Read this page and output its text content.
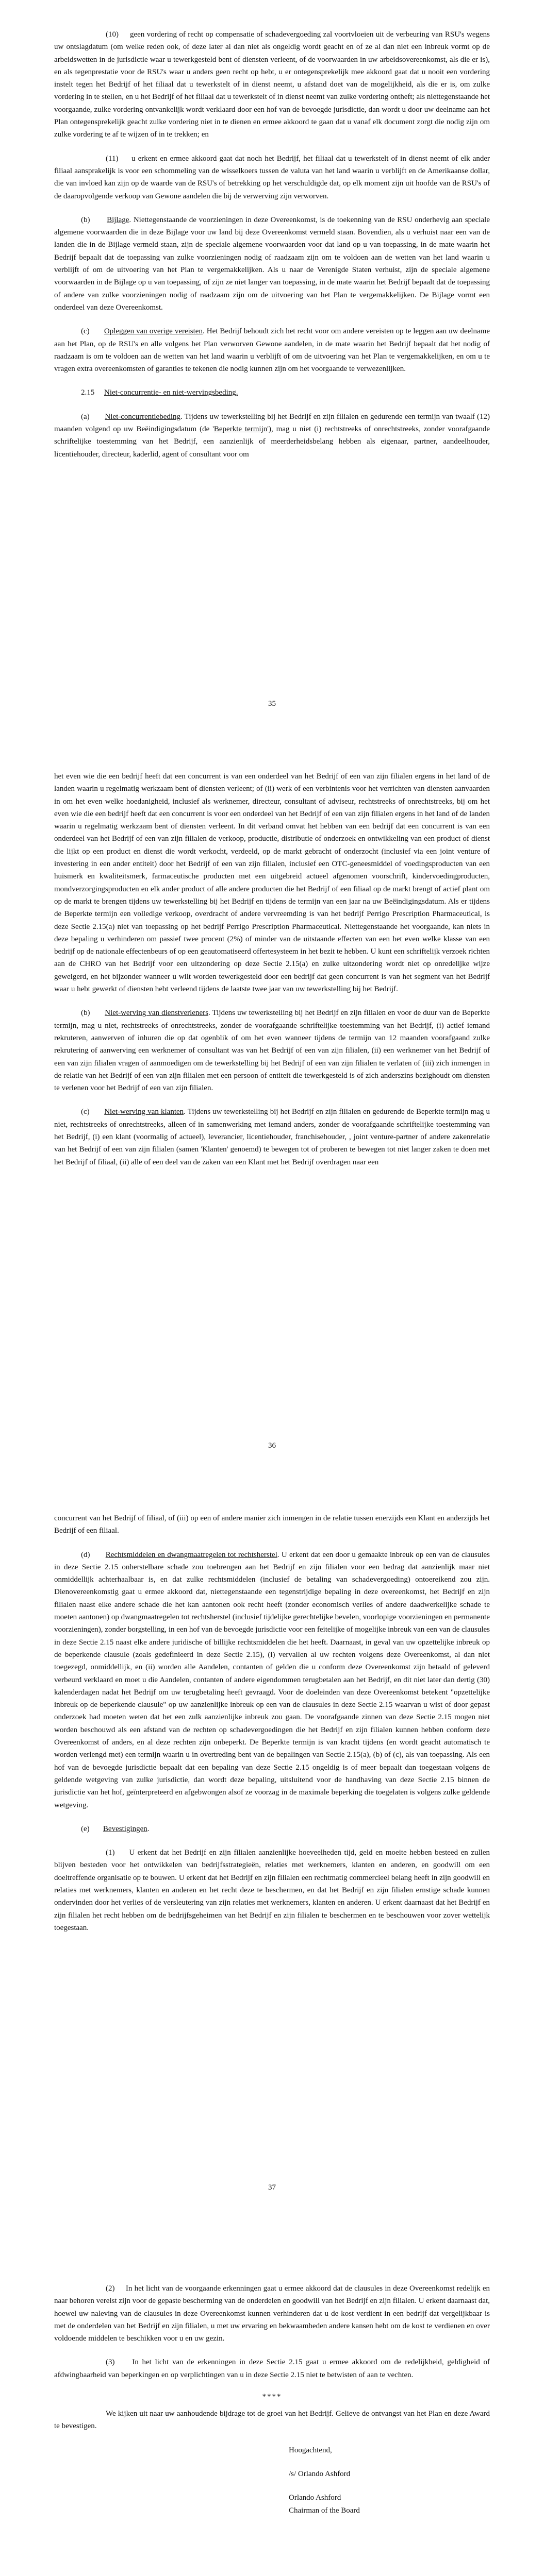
(10) geen vordering of recht op compensatie of schadevergoeding zal voortvloeien uit de verbeuring van RSU's wegens uw ontslagdatum (om welke reden ook, of deze later al dan niet als ongeldig wordt geacht en of ze al dan niet een inbreuk vormt op de arbeidswetten in de jurisdictie waar u tewerkgesteld bent of diensten verleent, of de voorwaarden in uw arbeidsovereenkomst, als die er is), en als tegenprestatie voor de RSU's waar u anders geen recht op hebt, u er ontegensprekelijk mee akkoord gaat dat u nooit een vordering instelt tegen het Bedrijf of het filiaal dat u tewerkstelt of in dienst neemt, u afstand doet van de mogelijkheid, als die er is, om zulke vordering in te stellen, en u het Bedrijf of het filiaal dat u tewerkstelt of in dienst neemt van zulke vordering ontheft; als niettegenstaande het voorgaande, zulke vordering ontvankelijk wordt verklaard door een hof van de bevoegde jurisdictie, dan wordt u door uw deelname aan het Plan ontegensprekelijk geacht zulke vordering niet in te dienen en ermee akkoord te gaan dat u vanaf elk document zorgt die nodig zijn om zulke vordering te af te wijzen of in te trekken; en

(11) u erkent en ermee akkoord gaat dat noch het Bedrijf, het filiaal dat u tewerkstelt of in dienst neemt of elk ander filiaal aansprakelijk is voor een schommeling van de wisselkoers tussen de valuta van het land waarin u verblijft en de Amerikaanse dollar, die van invloed kan zijn op de waarde van de RSU's of betrekking op het verschuldigde dat, op elk moment zijn uit hoofde van de RSU's of de daaropvolgende verkoop van Gewone aandelen die bij de verwerving zijn verworven.

(b) Bijlage. Niettegenstaande de voorzieningen in deze Overeenkomst, is de toekenning van de RSU onderhevig aan speciale algemene voorwaarden die in deze Bijlage voor uw land bij deze Overeenkomst vermeld staan. Bovendien, als u verhuist naar een van de landen die in de Bijlage vermeld staan, zijn de speciale algemene voorwaarden voor dat land op u van toepassing, in de mate waarin het Bedrijf bepaalt dat de toepassing van zulke voorzieningen nodig of raadzaam zijn om te voldoen aan de wetten van het land waarin u verblijft of om de uitvoering van het Plan te vergemakkelijken. Als u naar de Verenigde Staten verhuist, zijn de speciale algemene voorwaarden in de Bijlage op u van toepassing, of zijn ze niet langer van toepassing, in de mate waarin het Bedrijf bepaalt dat de toepassing of andere van zulke voorzieningen nodig of raadzaam zijn om de uitvoering van het Plan te vergemakkelijken. De Bijlage vormt een onderdeel van deze Overeenkomst.

(c) Opleggen van overige vereisten. Het Bedrijf behoudt zich het recht voor om andere vereisten op te leggen aan uw deelname aan het Plan, op de RSU's en alle volgens het Plan verworven Gewone aandelen, in de mate waarin het Bedrijf bepaalt dat het nodig of raadzaam is om te voldoen aan de wetten van het land waarin u verblijft of om de uitvoering van het Plan te vergemakkelijken, en om u te vragen extra overeenkomsten of garanties te tekenen die nodig kunnen zijn om het voorgaande te verwezenlijken.

2.15 Niet-concurrentie- en niet-wervingsbeding.

(a) Niet-concurrentiebeding. Tijdens uw tewerkstelling bij het Bedrijf en zijn filialen en gedurende een termijn van twaalf (12) maanden volgend op uw Beëindigingsdatum (de 'Beperkte termijn'), mag u niet (i) rechtstreeks of onrechtstreeks, zonder voorafgaande schriftelijke toestemming van het Bedrijf, een aanzienlijk of meerderheidsbelang hebben als eigenaar, partner, aandeelhouder, licentiehouder, directeur, kaderlid, agent of consultant voor om

35

het even wie die een bedrijf heeft dat een concurrent is van een onderdeel van het Bedrijf of een van zijn filialen ergens in het land of de landen waarin u regelmatig werkzaam bent of diensten verleent; of (ii) werk of een verbintenis voor het verrichten van diensten aanvaarden in om het even welke hoedanigheid, inclusief als werknemer, directeur, consultant of adviseur, rechtstreeks of onrechtstreeks, bij om het even wie die een bedrijf heeft dat een concurrent is voor een onderdeel van het Bedrijf of een van zijn filialen ergens in het land of de landen waarin u regelmatig werkzaam bent of diensten verleent. In dit verband omvat het hebben van een bedrijf dat een concurrent is van een onderdeel van het Bedrijf of een van zijn filialen de verkoop, productie, distributie of onderzoek en ontwikkeling van een product of dienst die lijkt op een product en dienst die wordt verkocht, verdeeld, op de markt gebracht of onderzocht (inclusief via een joint venture of investering in een ander entiteit) door het Bedrijf of een van zijn filialen, inclusief een OTC-geneesmiddel of voedingsproducten van een huismerk en kwaliteitsmerk, farmaceutische producten met een uitgebreid actueel afgenomen voorschrift, kindervoedingproducten, mondverzorgingsproducten en elk ander product of alle andere producten die het Bedrijf of een filiaal op de markt brengt of actief plant om op de markt te brengen tijdens uw tewerkstelling bij het Bedrijf en tijdens de termijn van een jaar na uw Beëindigingsdatum. Als er tijdens de Beperkte termijn een volledige verkoop, overdracht of andere vervreemding is van het bedrijf Perrigo Prescription Pharmaceutical, is deze Sectie 2.15(a) niet van toepassing op het bedrijf Perrigo Prescription Pharmaceutical. Niettegenstaande het voorgaande, kan niets in deze bepaling u verhinderen om passief twee procent (2%) of minder van de uitstaande effecten van een het even welke klasse van een bedrijf op de nationale effectenbeurs of op een geautomatiseerd offertesysteem in het bezit te hebben. U kunt een schriftelijk verzoek richten aan de CHRO van het Bedrijf voor een uitzondering op deze Sectie 2.15(a) en zulke uitzondering wordt niet op onredelijke wijze geweigerd, en het bijzonder wanneer u wilt worden tewerkgesteld door een bedrijf dat geen concurrent is van het segment van het Bedrijf waar u hebt gewerkt of diensten hebt verleend tijdens de laatste twee jaar van uw tewerkstelling bij het Bedrijf.

(b) Niet-werving van dienstverleners. Tijdens uw tewerkstelling bij het Bedrijf en zijn filialen en voor de duur van de Beperkte termijn, mag u niet, rechtstreeks of onrechtstreeks, zonder de voorafgaande schriftelijke toestemming van het Bedrijf, (i) actief iemand rekruteren, aanwerven of inhuren die op dat ogenblik of om het even wanneer tijdens de termijn van 12 maanden voorafgaand zulke rekrutering of aanwerving een werknemer of consultant was van het Bedrijf of een van zijn filialen, (ii) een werknemer van het Bedrijf of een van zijn filialen vragen of aanmoedigen om de tewerkstelling bij het Bedrijf of een van zijn filialen te verlaten of (iii) zich inmengen in de relatie van het Bedrijf of een van zijn filialen met een persoon of entiteit die tewerkgesteld is of zich anderszins bezighoudt om diensten te verlenen voor het Bedrijf of een van zijn filialen.

(c) Niet-werving van klanten. Tijdens uw tewerkstelling bij het Bedrijf en zijn filialen en gedurende de Beperkte termijn mag u niet, rechtstreeks of onrechtstreeks, alleen of in samenwerking met iemand anders, zonder de voorafgaande schriftelijke toestemming van het Bedrijf, (i) een klant (voormalig of actueel), leverancier, licentiehouder, franchisehouder, , joint venture-partner of andere zakenrelatie van het Bedrijf of een van zijn filialen (samen 'Klanten' genoemd) te bewegen tot of proberen te bewegen tot niet langer zaken te doen met het Bedrijf of filiaal, (ii) alle of een deel van de zaken van een Klant met het Bedrijf overdragen naar een

36

concurrent van het Bedrijf of filiaal, of (iii) op een of andere manier zich inmengen in de relatie tussen enerzijds een Klant en anderzijds het Bedrijf of een filiaal.

(d) Rechtsmiddelen en dwangmaatregelen tot rechtsherstel. U erkent dat een door u gemaakte inbreuk op een van de clausules in deze Sectie 2.15 onherstelbare schade zou toebrengen aan het Bedrijf en zijn filialen voor een bedrag dat aanzienlijk maar niet onmiddellijk achterhaalbaar is, en dat zulke rechtsmiddelen (inclusief de betaling van schadevergoeding) ontoereikend zou zijn. Dienovereenkomstig gaat u ermee akkoord dat, niettegenstaande een tegenstrijdige bepaling in deze overeenkomst, het Bedrijf en zijn filialen naast elke andere schade die het kan aantonen ook recht heeft (zonder economisch verlies of andere daadwerkelijke schade te moeten aantonen) op dwangmaatregelen tot rechtsherstel (inclusief tijdelijke gerechtelijke bevelen, voorlopige voorzieningen en permanente voorzieningen), zonder borgstelling, in een hof van de bevoegde jurisdictie voor een feitelijke of mogelijke inbreuk van een van de clausules in deze Sectie 2.15 naast elke andere juridische of billijke rechtsmiddelen die het heeft. Daarnaast, in geval van uw opzettelijke inbreuk op de beperkende clausule (zoals gedefinieerd in deze Sectie 2.15), (i) vervallen al uw rechten volgens deze Overeenkomst, al dan niet toegezegd, onmiddellijk, en (ii) worden alle Aandelen, contanten of gelden die u conform deze Overeenkomst zijn betaald of geleverd verbeurd verklaard en moet u die Aandelen, contanten of andere eigendommen terugbetalen aan het Bedrijf, en dit niet later dan dertig (30) kalenderdagen nadat het Bedrijf om uw terugbetaling heeft gevraagd. Voor de doeleinden van deze Overeenkomst betekent "opzettelijke inbreuk op de beperkende clausule" op uw aanzienlijke inbreuk op een van de clausules in deze Sectie 2.15 waarvan u wist of door gepast onderzoek had moeten weten dat het een zulk aanzienlijke inbreuk zou gaan. De voorafgaande zinnen van deze Sectie 2.15 mogen niet worden beschouwd als een afstand van de rechten op schadevergoedingen die het Bedrijf en zijn filialen kunnen hebben conform deze Overeenkomst of anders, en al deze rechten zijn onbeperkt. De Beperkte termijn is van kracht tijdens (en wordt geacht automatisch te worden verlengd met) een termijn waarin u in overtreding bent van de bepalingen van Sectie 2.15(a), (b) of (c), als van toepassing. Als een hof van de bevoegde jurisdictie bepaalt dat een bepaling van deze Sectie 2.15 ongeldig is of meer bepaalt dan toegestaan volgens de geldende wetgeving van zulke jurisdictie, dan wordt deze bepaling, uitsluitend voor de handhaving van deze Sectie 2.15 binnen de jurisdictie van het hof, geïnterpreteerd en afgebwongen alsof ze voorzag in de maximale beperking die toegelaten is volgens zulke geldende wetgeving.

(e) Bevestigingen.

(1) U erkent dat het Bedrijf en zijn filialen aanzienlijke hoeveelheden tijd, geld en moeite hebben besteed en zullen blijven besteden voor het ontwikkelen van bedrijfsstrategieën, relaties met werknemers, klanten en anderen, en goodwill om een doeltreffende organisatie op te bouwen. U erkent dat het Bedrijf en zijn filialen een rechtmatig commercieel belang heeft in zijn goodwill en relaties met werknemers, klanten en anderen en het recht deze te beschermen, en dat het Bedrijf en zijn filialen ernstige schade kunnen ondervinden door het verlies of de versleutering van zijn relaties met werknemers, klanten en anderen. U erkent daarnaast dat het Bedrijf en zijn filialen het recht hebben om de bedrijfsgeheimen van het Bedrijf en zijn filialen te beschermen en te beschouwen voor zover wettelijk toegestaan.

37

(2) In het licht van de voorgaande erkenningen gaat u ermee akkoord dat de clausules in deze Overeenkomst redelijk en naar behoren vereist zijn voor de gepaste bescherming van de onderdelen en goodwill van het Bedrijf en zijn filialen. U erkent daarnaast dat, hoewel uw naleving van de clausules in deze Overeenkomst kunnen verhinderen dat u de kost verdient in een bedrijf dat vergelijkbaar is met de onderdelen van het Bedrijf en zijn filialen, u met uw ervaring en bekwaamheden andere kansen hebt om de kost te verdienen en over voldoende middelen te beschikken voor u en uw gezin.

(3) In het licht van de erkenningen in deze Sectie 2.15 gaat u ermee akkoord om de redelijkheid, geldigheid of afdwingbaarheid van beperkingen en op verplichtingen van u in deze Sectie 2.15 niet te betwisten of aan te vechten.

****

We kijken uit naar uw aanhoudende bijdrage tot de groei van het Bedrijf. Gelieve de ontvangst van het Plan en deze Award te bevestigen.

Hoogachtend,
/s/ Orlando Ashford
Orlando Ashford
Chairman of the Board
